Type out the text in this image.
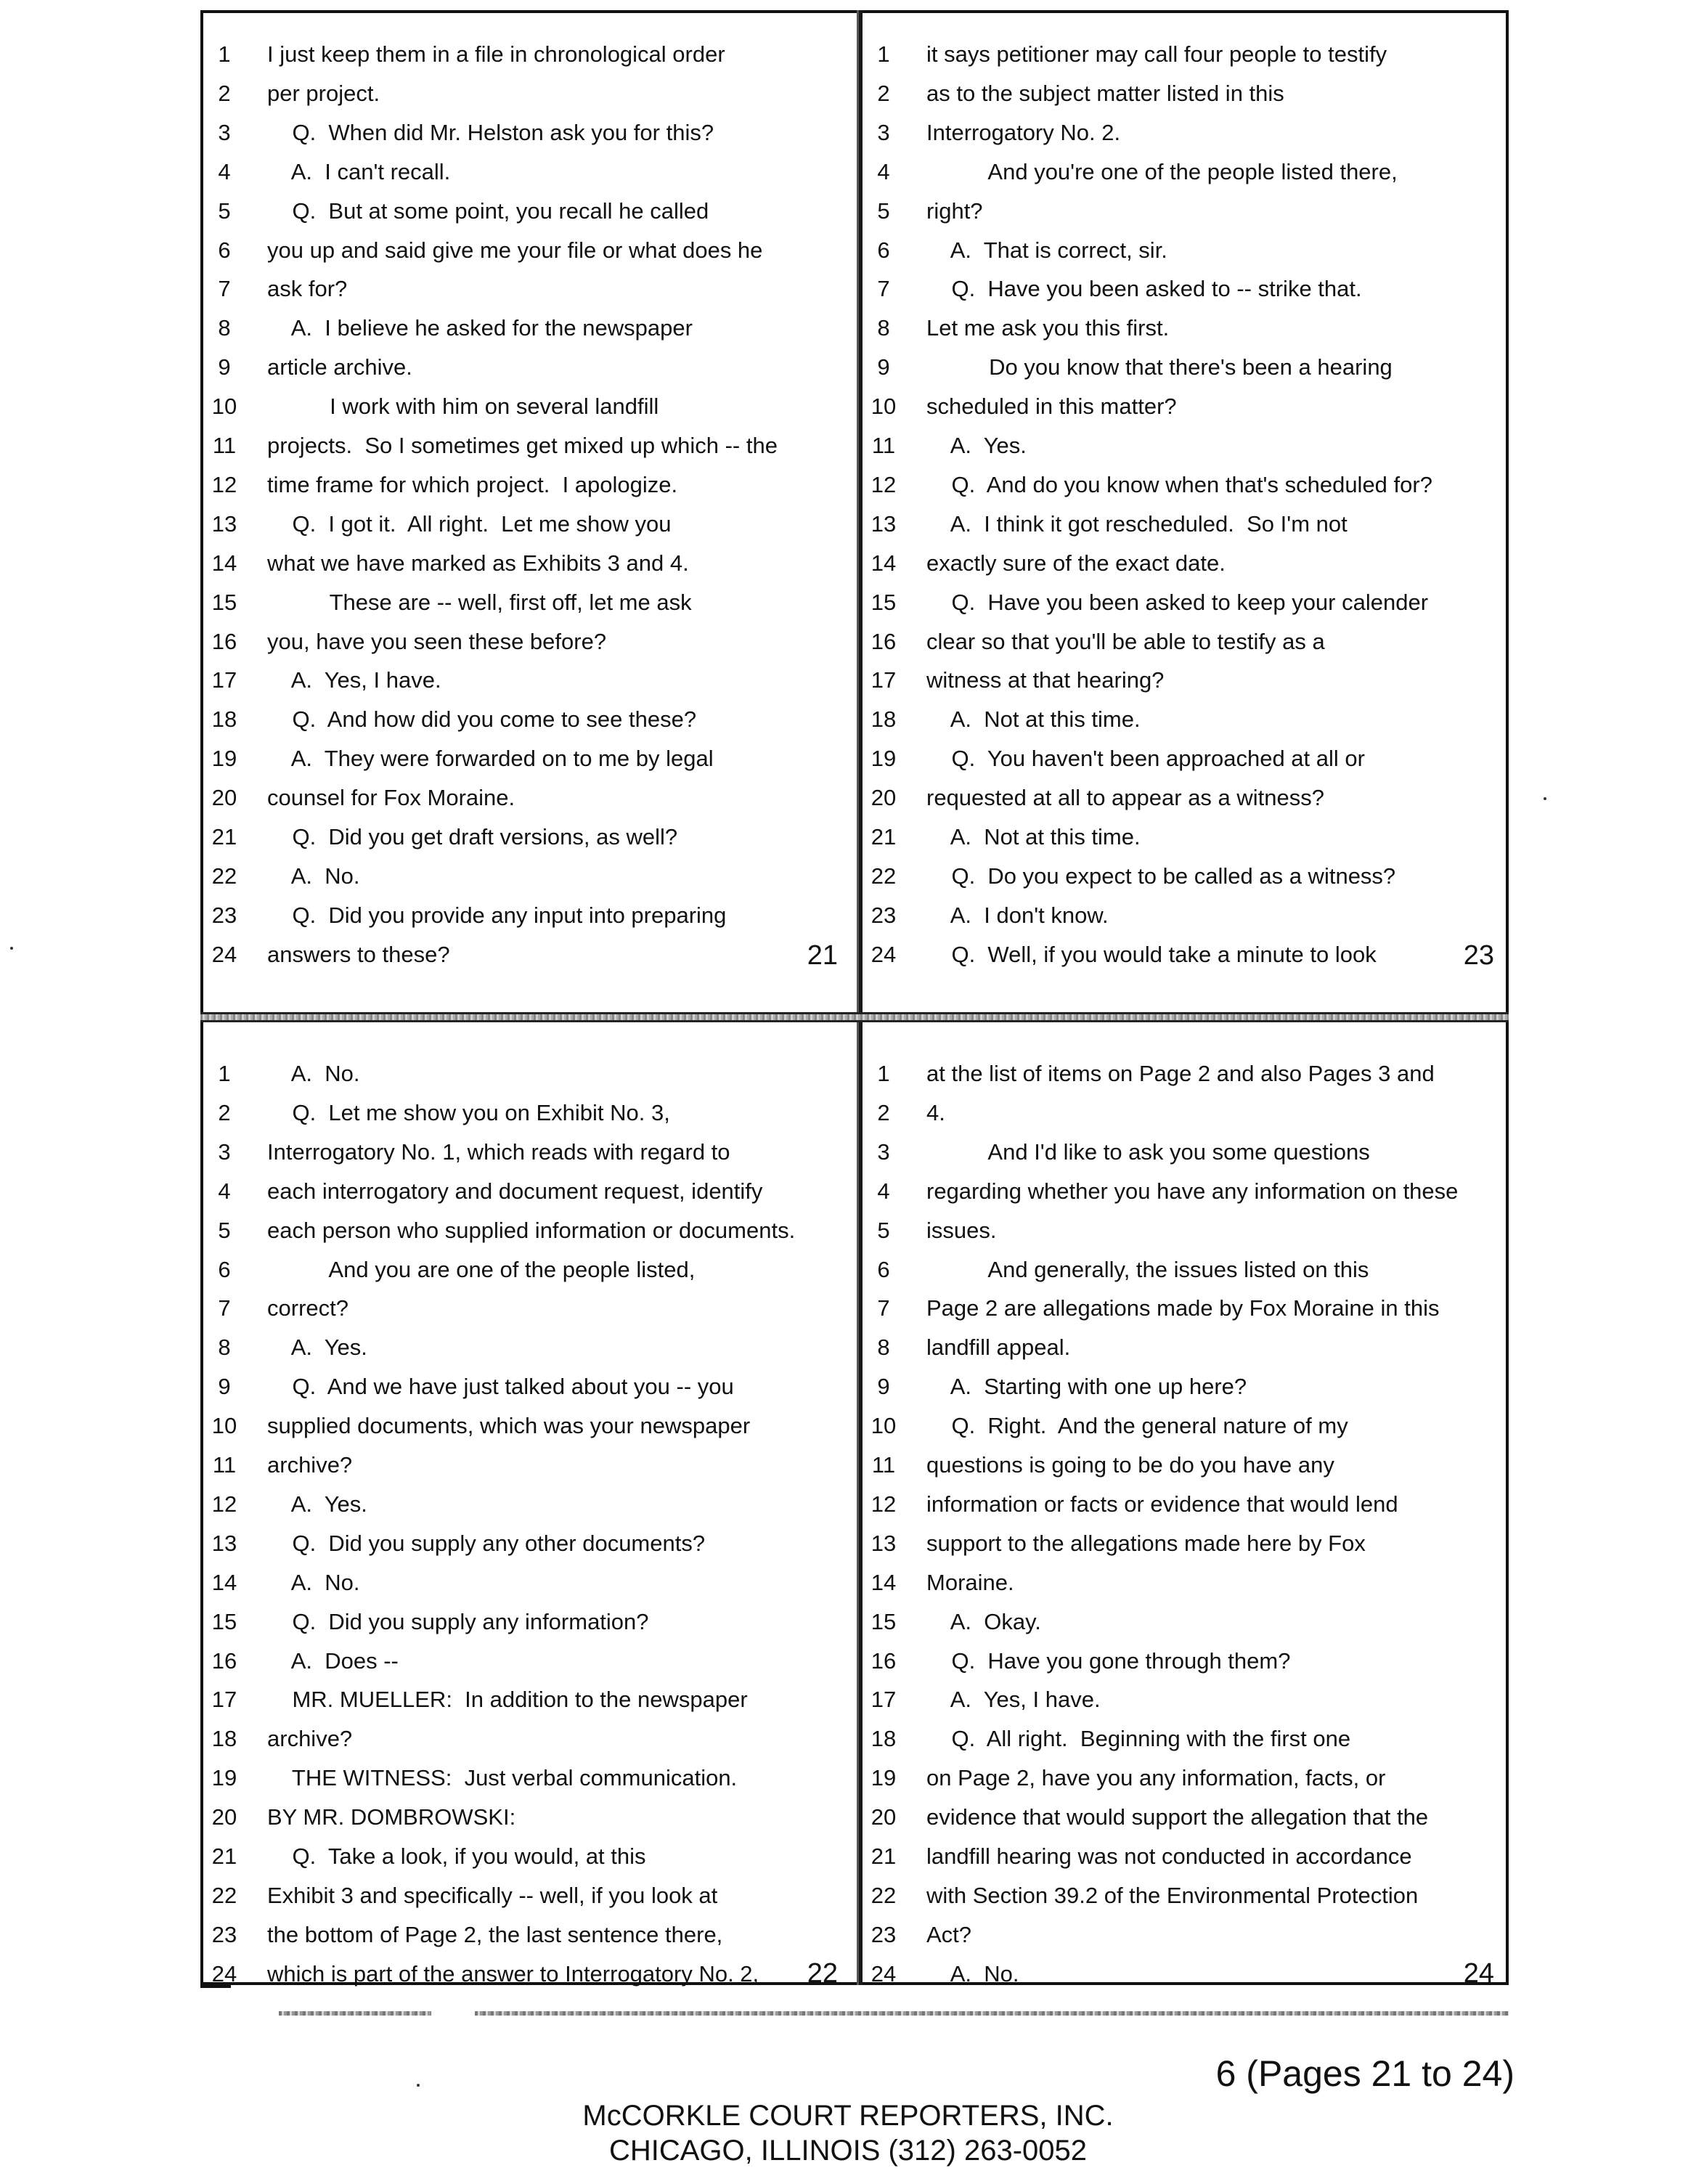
1	I just keep them in a file in chronological order
2	per project.
3	Q.  When did Mr. Helston ask you for this?
4	A.  I can't recall.
5	Q.  But at some point, you recall he called
6	you up and said give me your file or what does he
7	ask for?
8	A.  I believe he asked for the newspaper
9	article archive.
10	I work with him on several landfill
11	projects.  So I sometimes get mixed up which -- the
12	time frame for which project.  I apologize.
13	Q.  I got it.  All right.  Let me show you
14	what we have marked as Exhibits 3 and 4.
15	These are -- well, first off, let me ask
16	you, have you seen these before?
17	A.  Yes, I have.
18	Q.  And how did you come to see these?
19	A.  They were forwarded on to me by legal
20	counsel for Fox Moraine.
21	Q.  Did you get draft versions, as well?
22	A.  No.
23	Q.  Did you provide any input into preparing
24	answers to these?	21
1	it says petitioner may call four people to testify
2	as to the subject matter listed in this
3	Interrogatory No. 2.
4	And you're one of the people listed there,
5	right?
6	A.  That is correct, sir.
7	Q.  Have you been asked to -- strike that.
8	Let me ask you this first.
9	Do you know that there's been a hearing
10	scheduled in this matter?
11	A.  Yes.
12	Q.  And do you know when that's scheduled for?
13	A.  I think it got rescheduled.  So I'm not
14	exactly sure of the exact date.
15	Q.  Have you been asked to keep your calender
16	clear so that you'll be able to testify as a
17	witness at that hearing?
18	A.  Not at this time.
19	Q.  You haven't been approached at all or
20	requested at all to appear as a witness?
21	A.  Not at this time.
22	Q.  Do you expect to be called as a witness?
23	A.  I don't know.
24	Q.  Well, if you would take a minute to look	23
1	A.  No.
2	Q.  Let me show you on Exhibit No. 3,
3	Interrogatory No. 1, which reads with regard to
4	each interrogatory and document request, identify
5	each person who supplied information or documents.
6	And you are one of the people listed,
7	correct?
8	A.  Yes.
9	Q.  And we have just talked about you -- you
10	supplied documents, which was your newspaper
11	archive?
12	A.  Yes.
13	Q.  Did you supply any other documents?
14	A.  No.
15	Q.  Did you supply any information?
16	A.  Does --
17	MR. MUELLER:  In addition to the newspaper
18	archive?
19	THE WITNESS:  Just verbal communication.
20	BY MR. DOMBROWSKI:
21	Q.  Take a look, if you would, at this
22	Exhibit 3 and specifically -- well, if you look at
23	the bottom of Page 2, the last sentence there,
24	which is part of the answer to Interrogatory No. 2, 22
1	at the list of items on Page 2 and also Pages 3 and
2	4.
3	And I'd like to ask you some questions
4	regarding whether you have any information on these
5	issues.
6	And generally, the issues listed on this
7	Page 2 are allegations made by Fox Moraine in this
8	landfill appeal.
9	A.  Starting with one up here?
10	Q.  Right.  And the general nature of my
11	questions is going to be do you have any
12	information or facts or evidence that would lend
13	support to the allegations made here by Fox
14	Moraine.
15	A.  Okay.
16	Q.  Have you gone through them?
17	A.  Yes, I have.
18	Q.  All right.  Beginning with the first one
19	on Page 2, have you any information, facts, or
20	evidence that would support the allegation that the
21	landfill hearing was not conducted in accordance
22	with Section 39.2 of the Environmental Protection
23	Act?
24	A.  No.	24
6 (Pages 21 to 24)
McCORKLE COURT REPORTERS, INC.
CHICAGO, ILLINOIS (312) 263-0052
